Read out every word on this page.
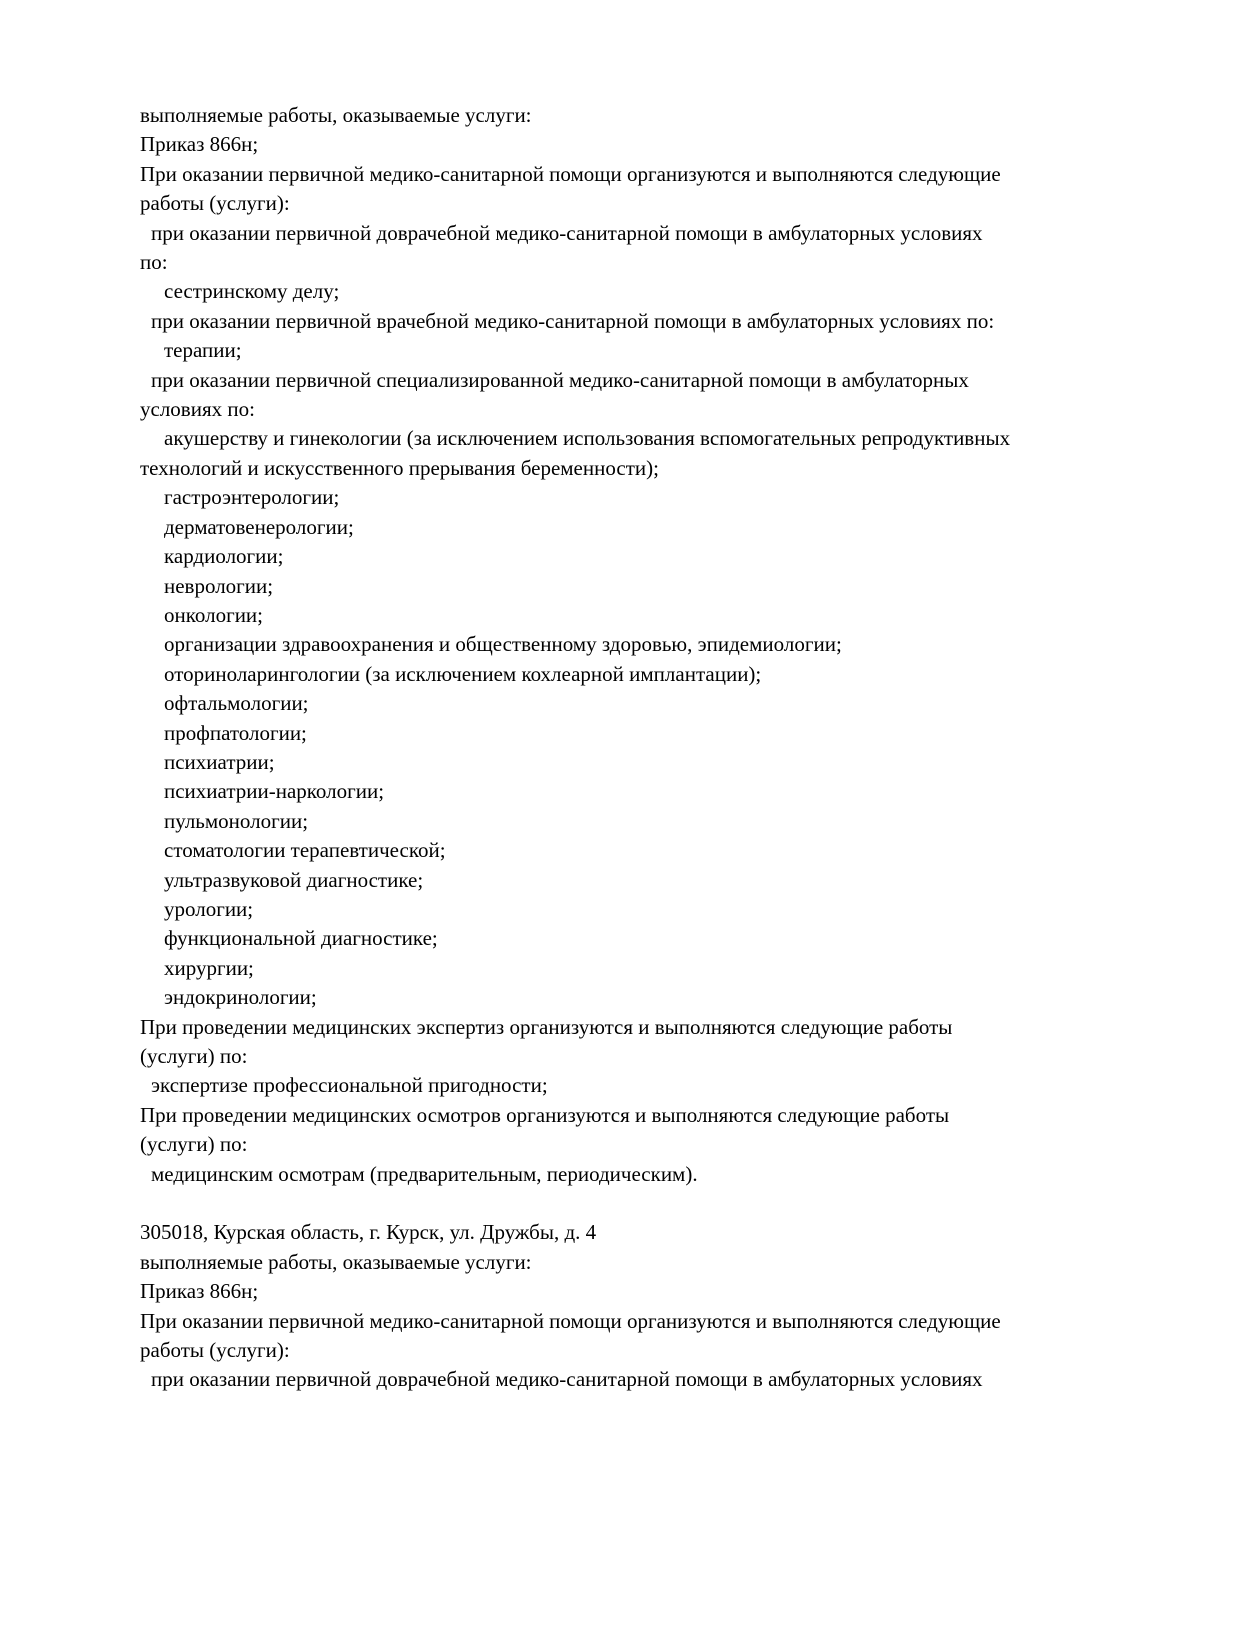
выполняемые работы, оказываемые услуги:
Приказ 866н;
При оказании первичной медико-санитарной помощи организуются и выполняются следующие
работы (услуги):
при оказании первичной доврачебной медико-санитарной помощи в амбулаторных условиях
по:
сестринскому делу;
при оказании первичной врачебной медико-санитарной помощи в амбулаторных условиях по:
терапии;
при оказании первичной специализированной медико-санитарной помощи в амбулаторных
условиях по:
акушерству и гинекологии (за исключением использования вспомогательных репродуктивных
технологий и искусственного прерывания беременности);
гастроэнтерологии;
дерматовенерологии;
кардиологии;
неврологии;
онкологии;
организации здравоохранения и общественному здоровью, эпидемиологии;
оториноларингологии (за исключением кохлеарной имплантации);
офтальмологии;
профпатологии;
психиатрии;
психиатрии-наркологии;
пульмонологии;
стоматологии терапевтической;
ультразвуковой диагностике;
урологии;
функциональной диагностике;
хирургии;
эндокринологии;
При проведении медицинских экспертиз организуются и выполняются следующие работы
(услуги) по:
экспертизе профессиональной пригодности;
При проведении медицинских осмотров организуются и выполняются следующие работы
(услуги) по:
медицинским осмотрам (предварительным, периодическим).

305018, Курская область, г. Курск, ул. Дружбы, д. 4
выполняемые работы, оказываемые услуги:
Приказ 866н;
При оказании первичной медико-санитарной помощи организуются и выполняются следующие
работы (услуги):
при оказании первичной доврачебной медико-санитарной помощи в амбулаторных условиях
